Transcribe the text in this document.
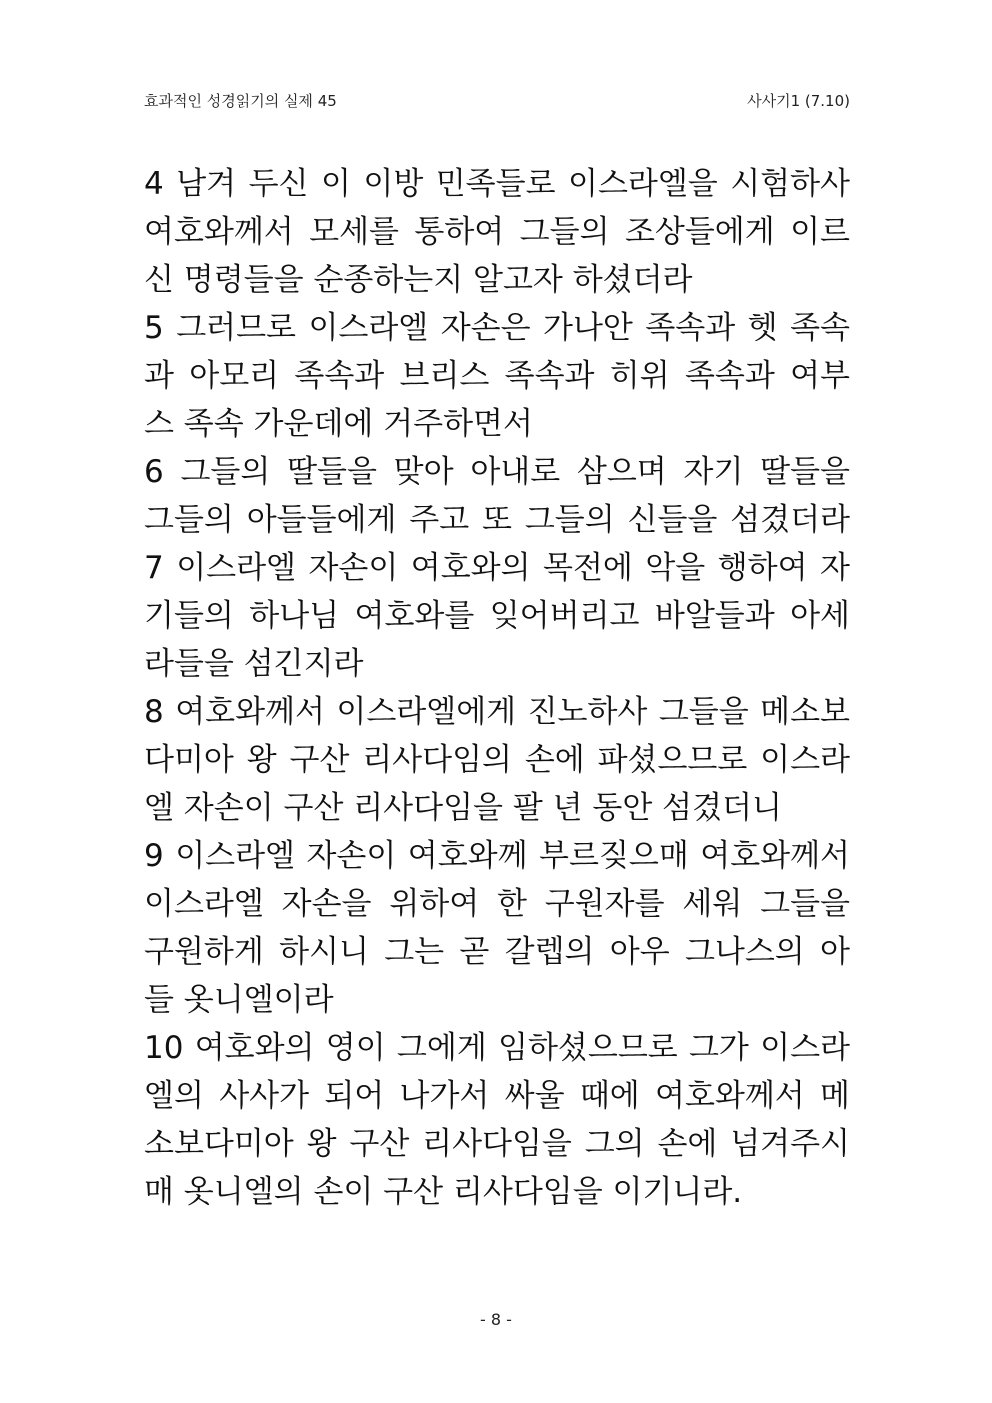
효과적인 성경읽기의 실제 45	사사기1 (7.10)
4 남겨 두신 이 이방 민족들로 이스라엘을 시험하사
여호와께서 모세를 통하여 그들의 조상들에게 이르
신 명령들을 순종하는지 알고자 하셨더라
5 그러므로 이스라엘 자손은 가나안 족속과 헷 족속
과 아모리 족속과 브리스 족속과 히위 족속과 여부
스 족속 가운데에 거주하면서
6 그들의 딸들을 맞아 아내로 삼으며 자기 딸들을
그들의 아들들에게 주고 또 그들의 신들을 섬겼더라
7 이스라엘 자손이 여호와의 목전에 악을 행하여 자
기들의 하나님 여호와를 잊어버리고 바알들과 아세
라들을 섬긴지라
8 여호와께서 이스라엘에게 진노하사 그들을 메소보
다미아 왕 구산 리사다임의 손에 파셨으므로 이스라
엘 자손이 구산 리사다임을 팔 년 동안 섬겼더니
9 이스라엘 자손이 여호와께 부르짖으매 여호와께서
이스라엘 자손을 위하여 한 구원자를 세워 그들을
구원하게 하시니 그는 곧 갈렙의 아우 그나스의 아
들 옷니엘이라
10 여호와의 영이 그에게 임하셨으므로 그가 이스라
엘의 사사가 되어 나가서 싸울 때에 여호와께서 메
소보다미아 왕 구산 리사다임을 그의 손에 넘겨주시
매 옷니엘의 손이 구산 리사다임을 이기니라.
- 8 -
